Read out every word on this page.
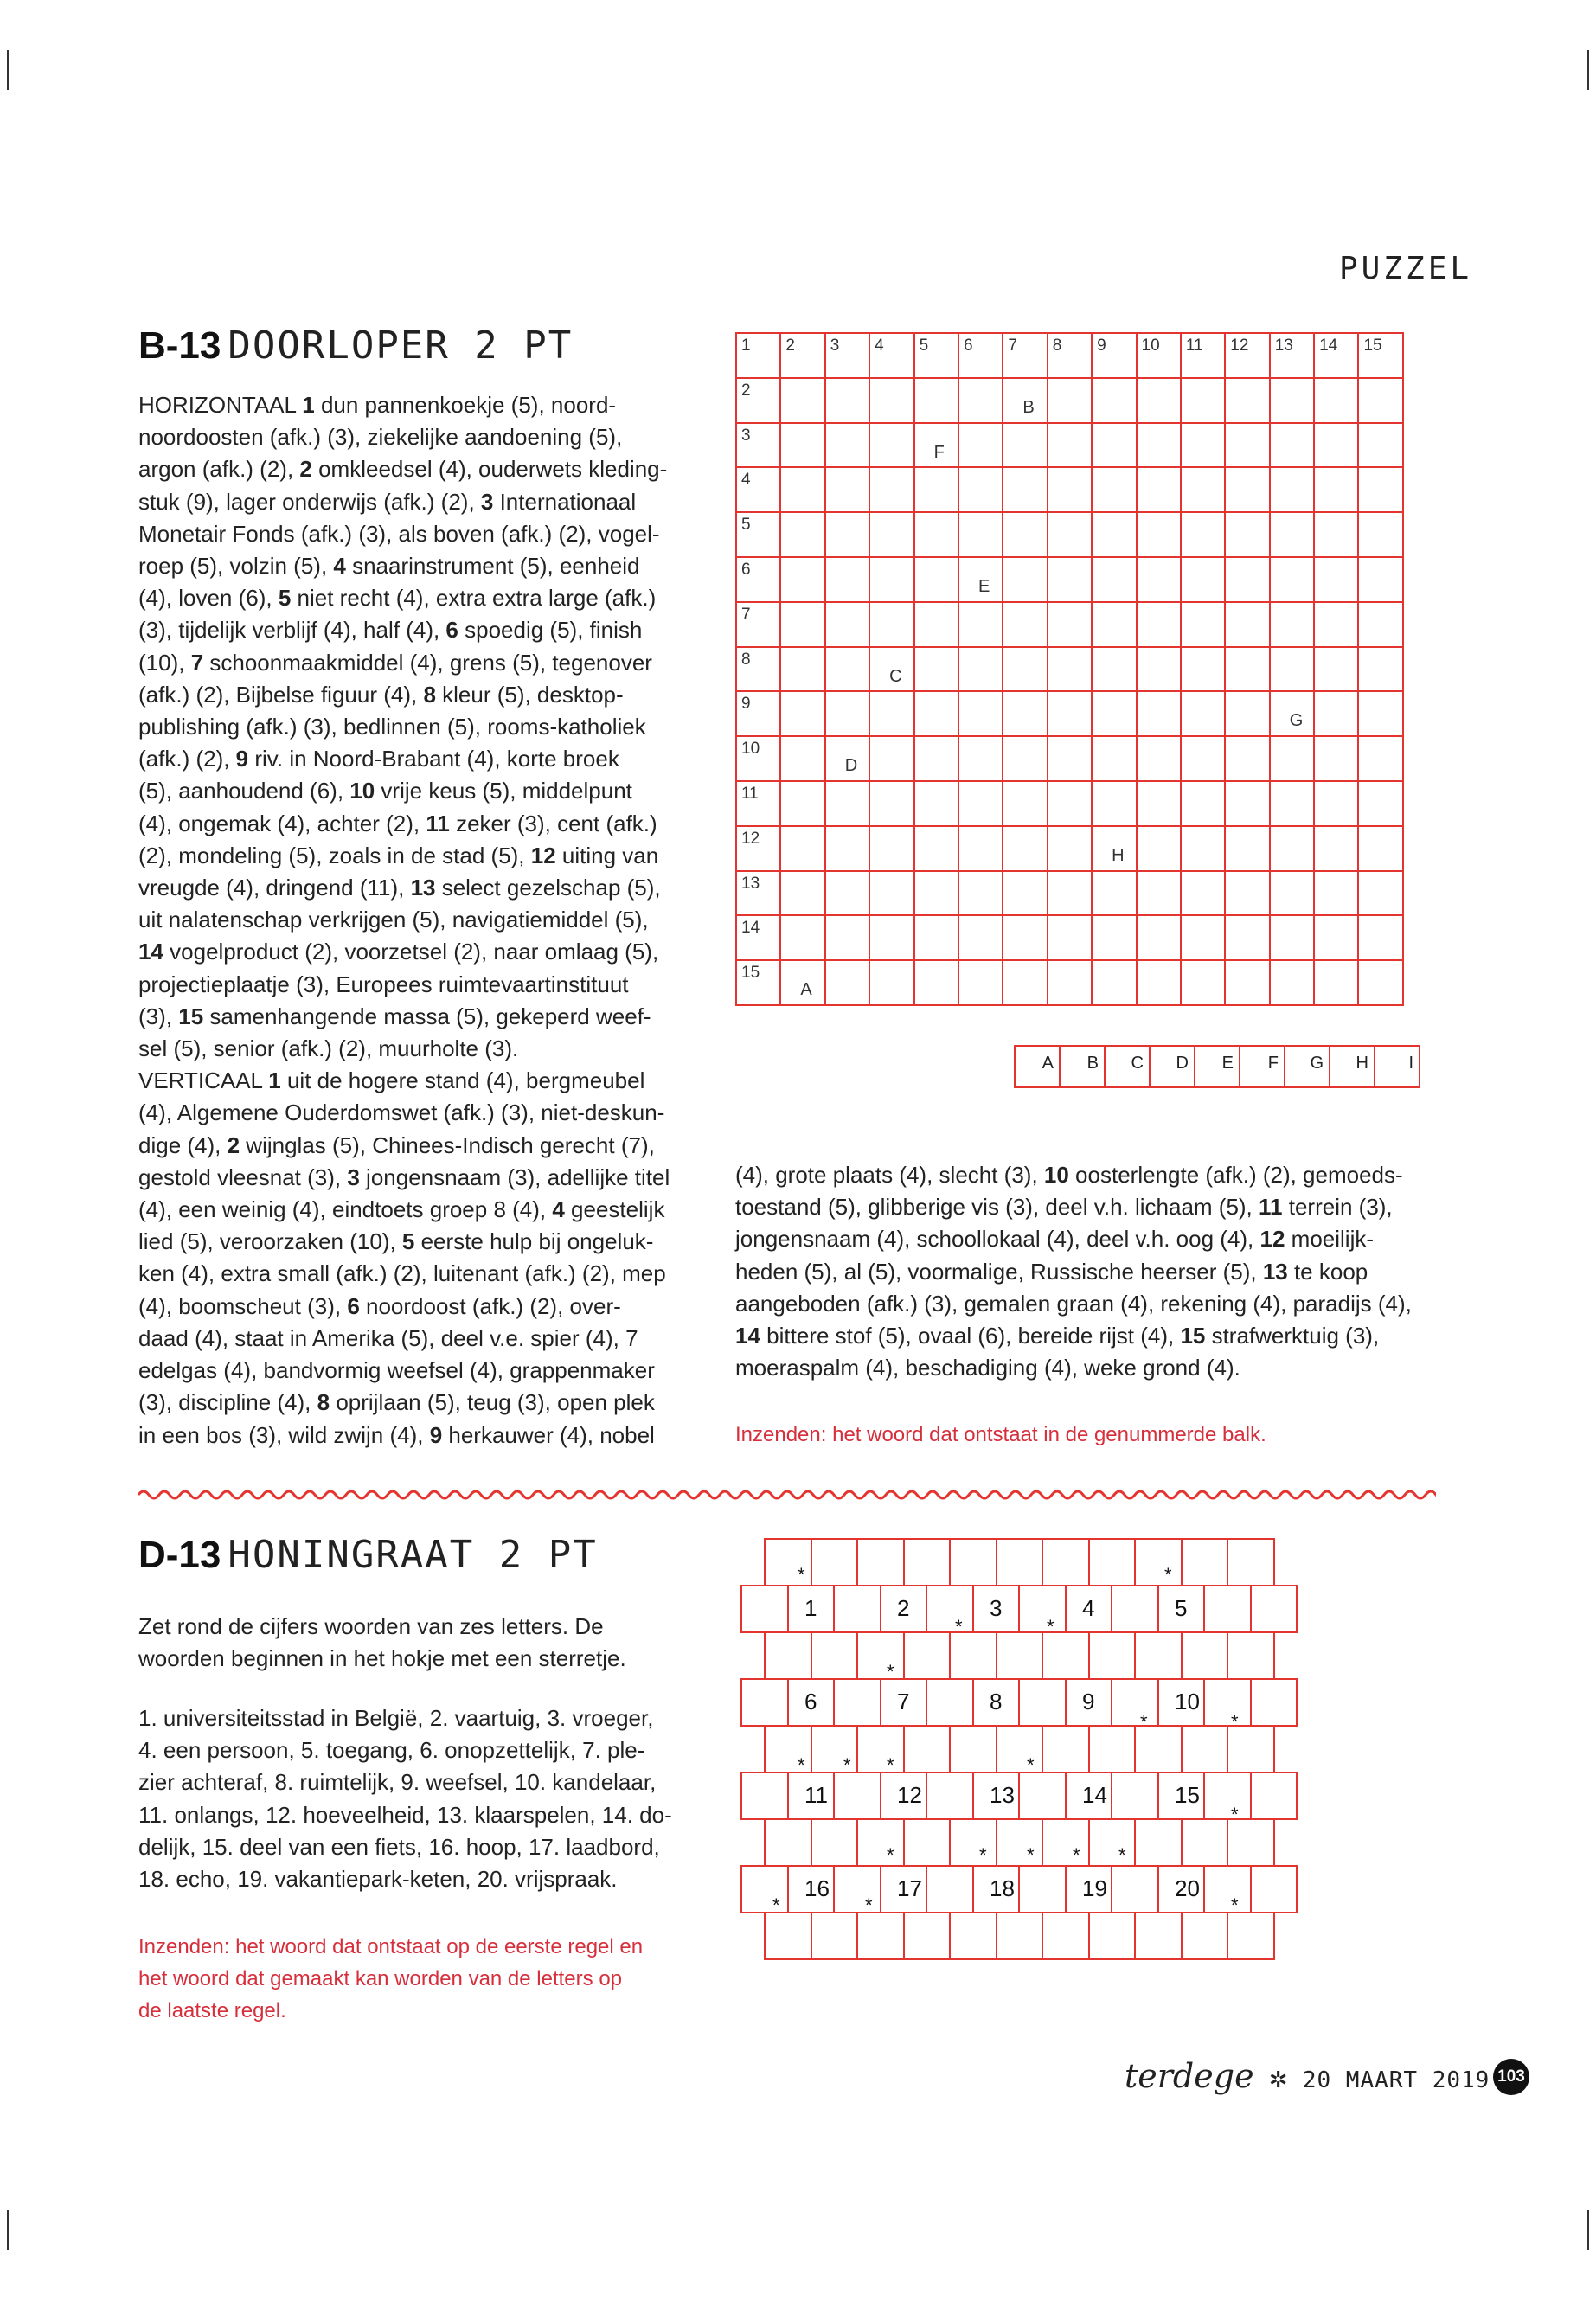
PUZZEL
B-13 DOORLOPER 2 PT
HORIZONTAAL 1 dun pannenkoekje (5), noord-
noordoosten (afk.) (3), ziekelijke aandoening (5),
argon (afk.) (2), 2 omkleedsel (4), ouderwets kleding-
stuk (9), lager onderwijs (afk.) (2), 3 Internationaal
Monetair Fonds (afk.) (3), als boven (afk.) (2), vogel-
roep (5), volzin (5), 4 snaarinstrument (5), eenheid
(4), loven (6), 5 niet recht (4), extra extra large (afk.)
(3), tijdelijk verblijf (4), half (4), 6 spoedig (5), finish
(10), 7 schoonmaakmiddel (4), grens (5), tegenover
(afk.) (2), Bijbelse figuur (4), 8 kleur (5), desktop-
publishing (afk.) (3), bedlinnen (5), rooms-katholiek
(afk.) (2), 9 riv. in Noord-Brabant (4), korte broek
(5), aanhoudend (6), 10 vrije keus (5), middelpunt
(4), ongemak (4), achter (2), 11 zeker (3), cent (afk.)
(2), mondeling (5), zoals in de stad (5), 12 uiting van
vreugde (4), dringend (11), 13 select gezelschap (5),
uit nalatenschap verkrijgen (5), navigatiemiddel (5),
14 vogelproduct (2), voorzetsel (2), naar omlaag (5),
projectieplaatje (3), Europees ruimtevaartinstituut
(3), 15 samenhangende massa (5), gekeperd weef-
sel (5), senior (afk.) (2), muurholte (3).
VERTICAAL 1 uit de hogere stand (4), bergmeubel
(4), Algemene Ouderdomswet (afk.) (3), niet-deskun-
dige (4), 2 wijnglas (5), Chinees-Indisch gerecht (7),
gestold vleesnat (3), 3 jongensnaam (3), adellijke titel
(4), een weinig (4), eindtoets groep 8 (4), 4 geestelijk
lied (5), veroorzaken (10), 5 eerste hulp bij ongeluk-
ken (4), extra small (afk.) (2), luitenant (afk.) (2), mep
(4), boomscheut (3), 6 noordoost (afk.) (2), over-
daad (4), staat in Amerika (5), deel v.e. spier (4), 7
edelgas (4), bandvormig weefsel (4), grappenmaker
(3), discipline (4), 8 oprijlaan (5), teug (3), open plek
in een bos (3), wild zwijn (4), 9 herkauwer (4), nobel
1	2	3	4	5	6	7	8	9	10	11	12	13	14	15

2						B								

3				F										

4														

5														

6					E									

7														

8			C											

9												G		

10		D												

11														

12								H						

13														

14														

15	A													

A	B	C	D	E	F	G	H	I
(4), grote plaats (4), slecht (3), 10 oosterlengte (afk.) (2), gemoeds-
toestand (5), glibberige vis (3), deel v.h. lichaam (5), 11 terrein (3),
jongensnaam (4), schoollokaal (4), deel v.h. oog (4), 12 moeilijk-
heden (5), al (5), voormalige, Russische heerser (5), 13 te koop
aangeboden (afk.) (3), gemalen graan (4), rekening (4), paradijs (4),
14 bittere stof (5), ovaal (6), bereide rijst (4), 15 strafwerktuig (3),
moeraspalm (4), beschadiging (4), weke grond (4).
Inzenden: het woord dat ontstaat in de genummerde balk.
D-13 HONINGRAAT 2 PT
Zet rond de cijfers woorden van zes letters. De
woorden beginnen in het hokje met een sterretje.
1. universiteitsstad in België, 2. vaartuig, 3. vroeger,
4. een persoon, 5. toegang, 6. onopzettelijk, 7. ple-
zier achteraf, 8. ruimtelijk, 9. weefsel, 10. kandelaar,
11. onlangs, 12. hoeveelheid, 13. klaarspelen, 14. do-
delijk, 15. deel van een fiets, 16. hoop, 17. laadbord,
18. echo, 19. vakantiepark-keten, 20. vrijspraak.
Inzenden: het woord dat ontstaat op de eerste regel en
het woord dat gemaakt kan worden van de letters op
de laatste regel.
1	2	3	4	5
6	7	8	9	10
11	12	13	14	15
16	17	18	19	20
*	*
*	*
*
*	*
* * *	*
*
*	* * * *
*	*	*
terdege ✲ 20 MAART 2019 103
